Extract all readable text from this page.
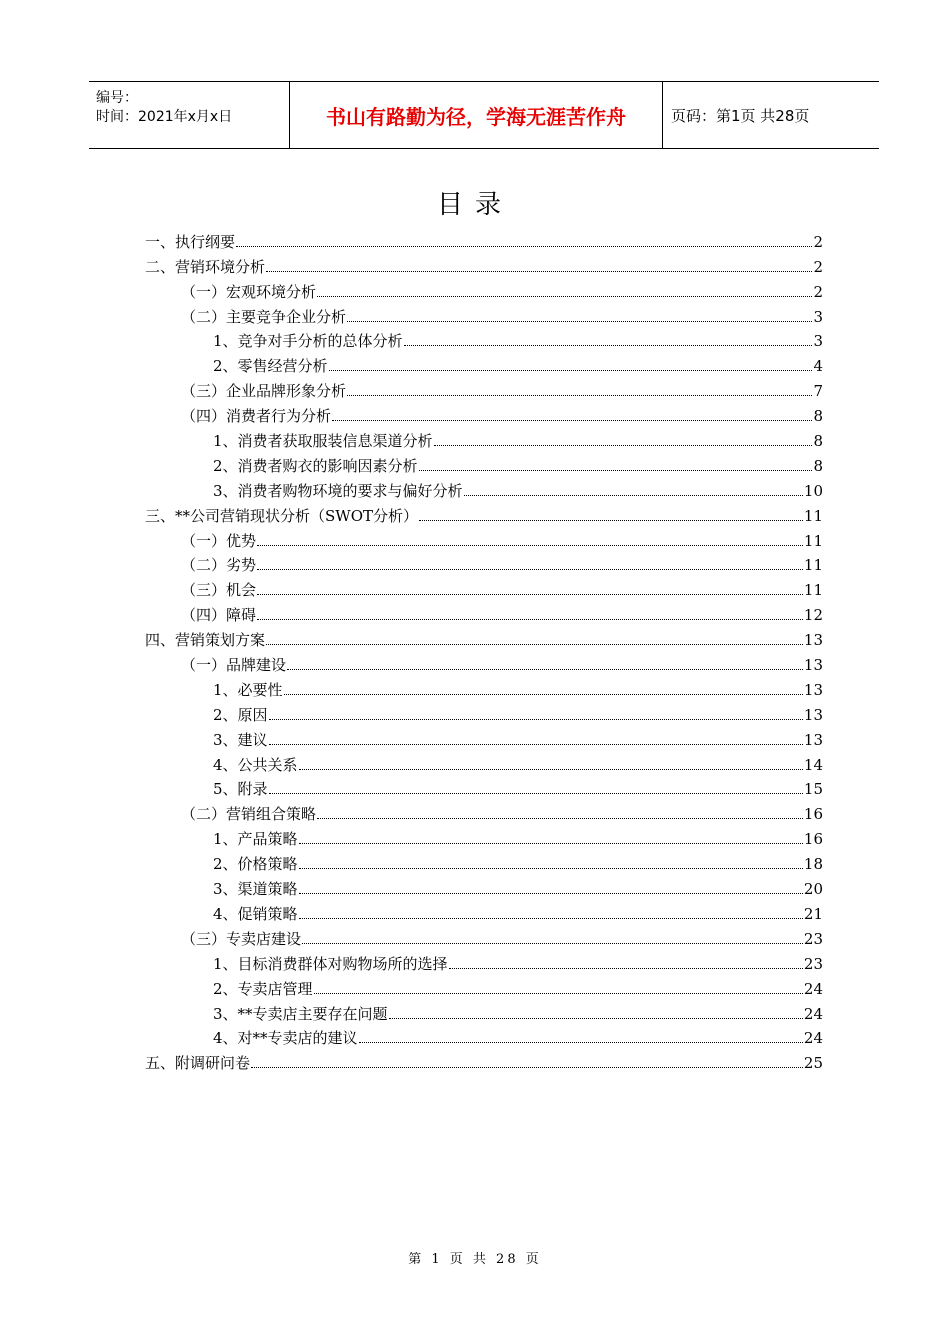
编号：
时间：2021年x月x日	书山有路勤为径，学海无涯苦作舟	页码：第1页 共28页
目录
一、执行纲要	2
二、营销环境分析	2
（一）宏观环境分析	2
（二）主要竞争企业分析	3
1、竞争对手分析的总体分析	3
2、零售经营分析	4
（三）企业品牌形象分析	7
（四）消费者行为分析	8
1、消费者获取服装信息渠道分析	8
2、消费者购衣的影响因素分析	8
3、消费者购物环境的要求与偏好分析	10
三、**公司营销现状分析（SWOT分析）	11
（一）优势	11
（二）劣势	11
（三）机会	11
（四）障碍	12
四、营销策划方案	13
（一）品牌建设	13
1、必要性	13
2、原因	13
3、建议	13
4、公共关系	14
5、附录	15
（二）营销组合策略	16
1、产品策略	16
2、价格策略	18
3、渠道策略	20
4、促销策略	21
（三）专卖店建设	23
1、目标消费群体对购物场所的选择	23
2、专卖店管理	24
3、**专卖店主要存在问题	24
4、对**专卖店的建议	24
五、附调研问卷	25
第 1 页 共 28 页
